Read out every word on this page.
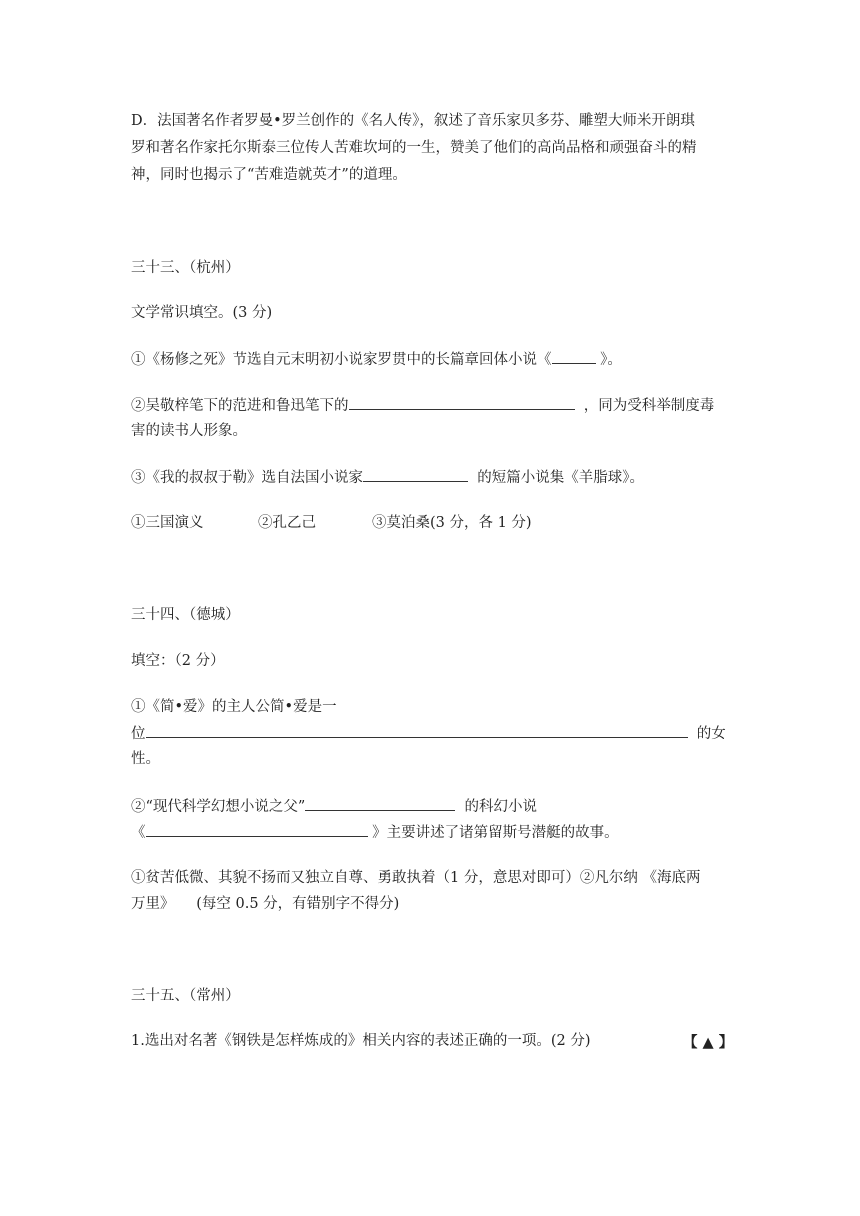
D．法国著名作者罗曼•罗兰创作的《名人传》，叙述了音乐家贝多芬、雕塑大师米开朗琪
罗和著名作家托尔斯泰三位传人苦难坎坷的一生，赞美了他们的高尚品格和顽强奋斗的精
神，同时也揭示了“苦难造就英才”的道理。
三十三、（杭州）
文学常识填空。(3 分)
①《杨修之死》节选自元末明初小说家罗贯中的长篇章回体小说《	》。
②吴敬梓笔下的范进和鲁迅笔下的	，同为受科举制度毒
害的读书人形象。
③《我的叔叔于勒》选自法国小说家	的短篇小说集《羊脂球》。
①三国演义	②孔乙己	③莫泊桑(3 分，各 1 分)
三十四、（德城）
填空：（2 分）
①《简•爱》的主人公简•爱是一
位	的女
性。
②“现代科学幻想小说之父”	的科幻小说
《	》主要讲述了诸第留斯号潜艇的故事。
①贫苦低微、其貌不扬而又独立自尊、勇敢执着（1 分，意思对即可）②凡尔纳 《海底两
万里》　　(每空 0.5 分，有错别字不得分)
三十五、（常州）
1.选出对名著《钢铁是怎样炼成的》相关内容的表述正确的一项。(2 分)	【 ▲ 】
